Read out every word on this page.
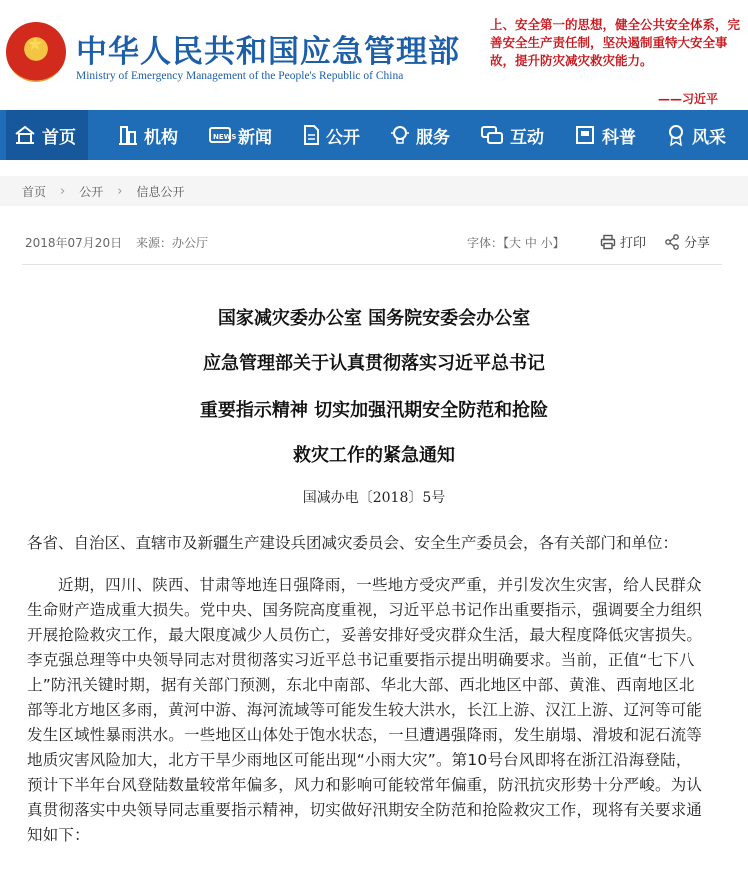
★ 中华人民共和国应急管理部
Ministry of Emergency Management of the People's Republic of China
上、安全第一的思想，健全公共安全体系，完善安全生产责任制，坚决遏制重特大安全事故，提升防灾减灾救灾能力。
——习近平
首页	机构	NEWS 新闻	公开	服务	互动	科普	风采
首页 › 公开 › 信息公开
2018年07月20日 来源：办公厅	字体：【大 中 小】	打印	分享
国家减灾委办公室 国务院安委会办公室
应急管理部关于认真贯彻落实习近平总书记
重要指示精神 切实加强汛期安全防范和抢险
救灾工作的紧急通知
国减办电〔2018〕5号
各省、自治区、直辖市及新疆生产建设兵团减灾委员会、安全生产委员会，各有关部门和单位：
近期，四川、陕西、甘肃等地连日强降雨，一些地方受灾严重，并引发次生灾害，给人民群众
生命财产造成重大损失。党中央、国务院高度重视，习近平总书记作出重要指示，强调要全力组织
开展抢险救灾工作，最大限度减少人员伤亡，妥善安排好受灾群众生活，最大程度降低灾害损失。
李克强总理等中央领导同志对贯彻落实习近平总书记重要指示提出明确要求。当前，正值“七下八
上”防汛关键时期，据有关部门预测，东北中南部、华北大部、西北地区中部、黄淮、西南地区北
部等北方地区多雨，黄河中游、海河流域等可能发生较大洪水，长江上游、汉江上游、辽河等可能
发生区域性暴雨洪水。一些地区山体处于饱水状态，一旦遭遇强降雨，发生崩塌、滑坡和泥石流等
地质灾害风险加大，北方干旱少雨地区可能出现“小雨大灾”。第10号台风即将在浙江沿海登陆，
预计下半年台风登陆数量较常年偏多，风力和影响可能较常年偏重，防汛抗灾形势十分严峻。为认
真贯彻落实中央领导同志重要指示精神，切实做好汛期安全防范和抢险救灾工作，现将有关要求通
知如下：
